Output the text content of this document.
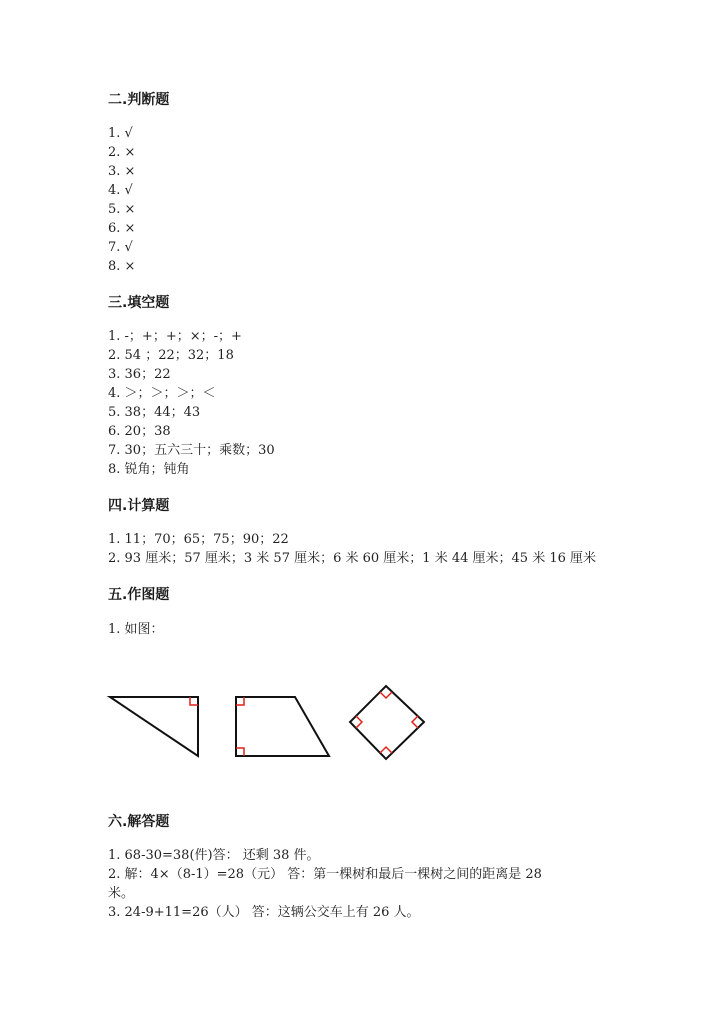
二.判断题
1. √
2. ×
3. ×
4. √
5. ×
6. ×
7. √
8. ×
三.填空题
1. -；+；+；×；-；+
2. 54 ；22；32；18
3. 36；22
4. ＞；＞；＞；＜
5. 38；44；43
6. 20；38
7. 30；五六三十；乘数；30
8. 锐角；钝角
四.计算题
1. 11；70；65；75；90；22
2. 93 厘米；57 厘米；3 米 57 厘米；6 米 60 厘米；1 米 44 厘米；45 米 16 厘米
五.作图题
1. 如图：
六.解答题
1. 68-30=38(件)答： 还剩 38 件。
2. 解：4×（8-1）=28（元） 答：第一棵树和最后一棵树之间的距离是 28
米。
3. 24-9+11=26（人） 答：这辆公交车上有 26 人。
